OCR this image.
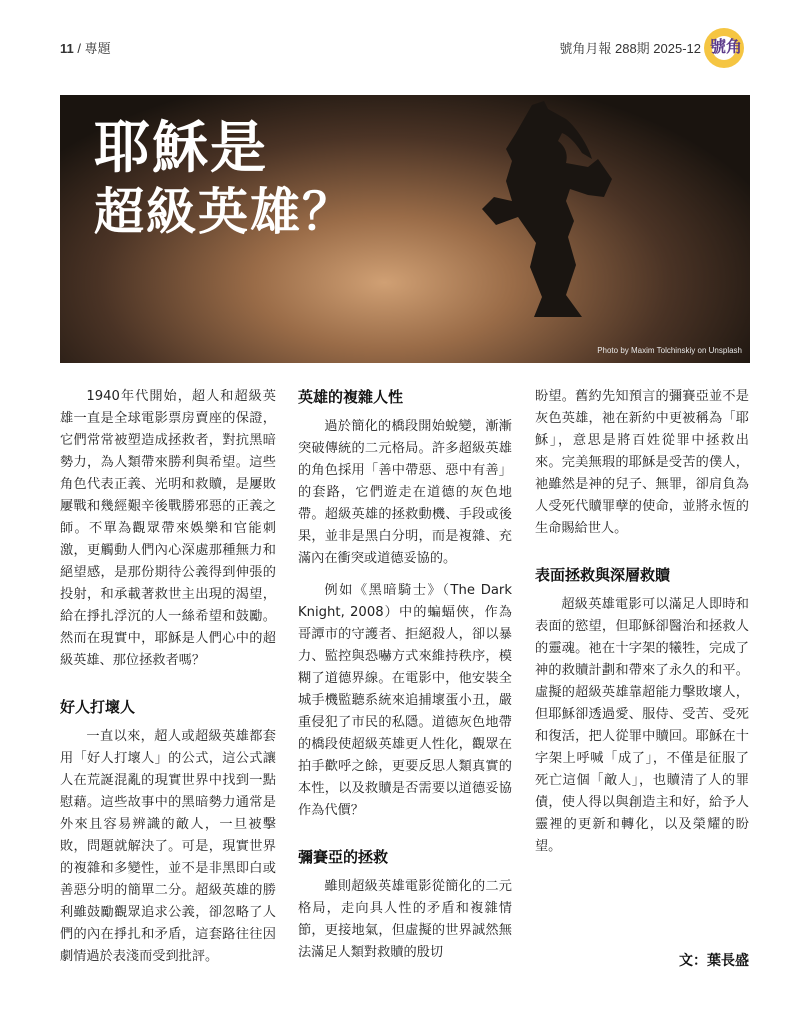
11 / 專題	號角月報 288期 2025-12 號角
耶穌是
超級英雄？
Photo by Maxim Tolchinskiy on Unsplash

1940年代開始，超人和超級英雄一直是全球電影票房賣座的保證，它們常常被塑造成拯救者，對抗黑暗勢力，為人類帶來勝利與希望。這些角色代表正義、光明和救贖，是屢敗屢戰和幾經艱辛後戰勝邪惡的正義之師。不單為觀眾帶來娛樂和官能刺激，更觸動人們內心深處那種無力和絕望感，是那份期待公義得到伸張的投射，和承載著救世主出現的渴望，給在掙扎浮沉的人一絲希望和鼓勵。然而在現實中，耶穌是人們心中的超級英雄、那位拯救者嗎？

好人打壞人

一直以來，超人或超級英雄都套用「好人打壞人」的公式，這公式讓人在荒誕混亂的現實世界中找到一點慰藉。這些故事中的黑暗勢力通常是外來且容易辨識的敵人，一旦被擊敗，問題就解決了。可是，現實世界的複雜和多變性，並不是非黑即白或善惡分明的簡單二分。超級英雄的勝利雖鼓勵觀眾追求公義，卻忽略了人們的內在掙扎和矛盾，這套路往往因劇情過於表淺而受到批評。

英雄的複雜人性

過於簡化的橋段開始蛻變，漸漸突破傳統的二元格局。許多超級英雄的角色採用「善中帶惡、惡中有善」的套路，它們遊走在道德的灰色地帶。超級英雄的拯救動機、手段或後果，並非是黑白分明，而是複雜、充滿內在衝突或道德妥協的。

例如《黑暗騎士》（The Dark Knight, 2008）中的蝙蝠俠，作為哥譚市的守護者、拒絕殺人，卻以暴力、監控與恐嚇方式來維持秩序，模糊了道德界線。在電影中，他安裝全城手機監聽系統來追捕壞蛋小丑，嚴重侵犯了市民的私隱。道德灰色地帶的橋段使超級英雄更人性化，觀眾在拍手歡呼之餘，更要反思人類真實的本性，以及救贖是否需要以道德妥協作為代價？

彌賽亞的拯救

雖則超級英雄電影從簡化的二元格局，走向具人性的矛盾和複雜情節，更接地氣，但虛擬的世界誠然無法滿足人類對救贖的殷切

盼望。舊約先知預言的彌賽亞並不是灰色英雄，祂在新約中更被稱為「耶穌」，意思是將百姓從罪中拯救出來。完美無瑕的耶穌是受苦的僕人，祂雖然是神的兒子、無罪，卻肩負為人受死代贖罪孽的使命，並將永恆的生命賜給世人。

表面拯救與深層救贖

超級英雄電影可以滿足人即時和表面的慾望，但耶穌卻醫治和拯救人的靈魂。祂在十字架的犧牲，完成了神的救贖計劃和帶來了永久的和平。虛擬的超級英雄靠超能力擊敗壞人，但耶穌卻透過愛、服侍、受苦、受死和復活，把人從罪中贖回。耶穌在十字架上呼喊「成了」，不僅是征服了死亡這個「敵人」，也贖清了人的罪債，使人得以與創造主和好，給予人靈裡的更新和轉化，以及榮耀的盼望。

文：葉長盛
